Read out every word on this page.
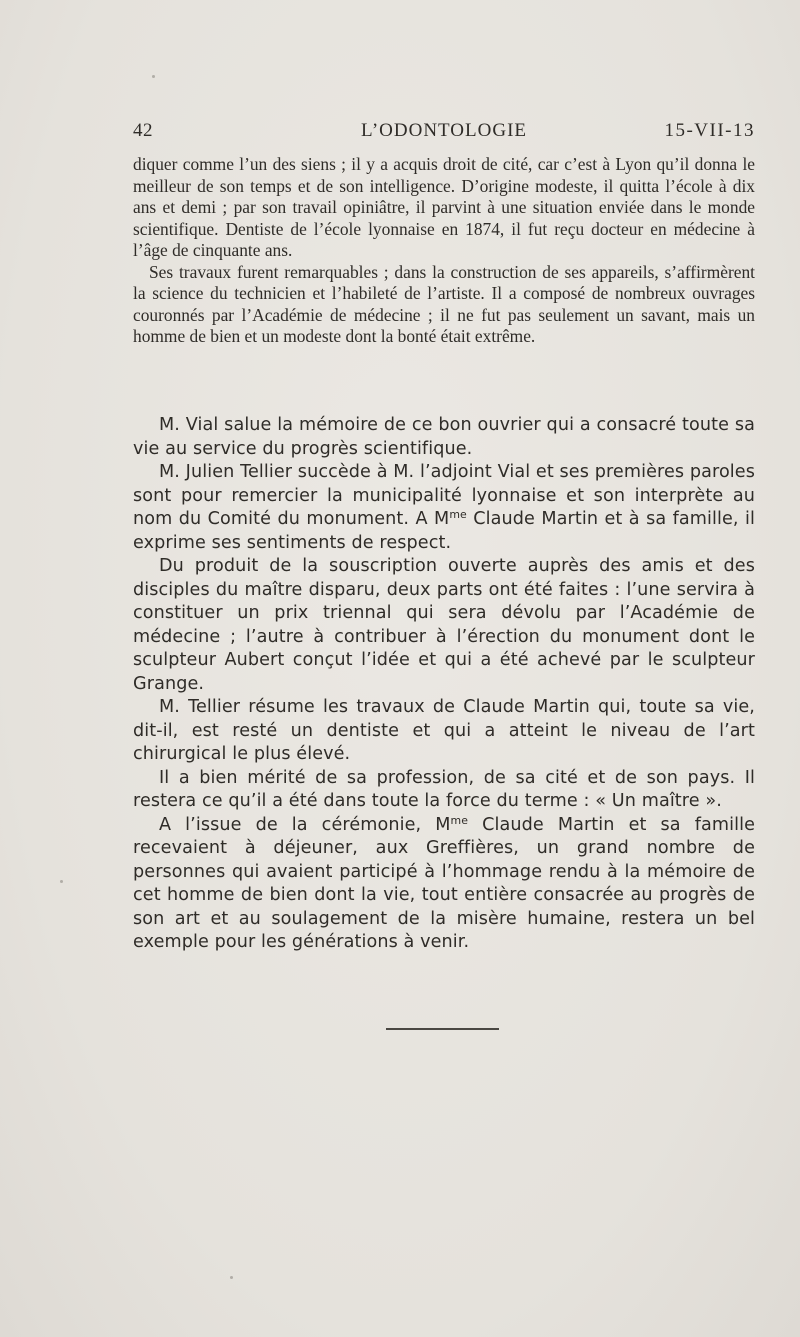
42	L’ODONTOLOGIE	15-VII-13

diquer comme l’un des siens ; il y a acquis droit de cité, car c’est à Lyon qu’il donna le meilleur de son temps et de son intelligence. D’origine modeste, il quitta l’école à dix ans et demi ; par son travail opiniâtre, il parvint à une situation enviée dans le monde scientifique. Dentiste de l’école lyonnaise en 1874, il fut reçu docteur en médecine à l’âge de cinquante ans.

Ses travaux furent remarquables ; dans la construction de ses appareils, s’affirmèrent la science du technicien et l’habileté de l’artiste. Il a composé de nombreux ouvrages couronnés par l’Académie de médecine ; il ne fut pas seulement un savant, mais un homme de bien et un modeste dont la bonté était extrême.

M. Vial salue la mémoire de ce bon ouvrier qui a consacré toute sa vie au service du progrès scientifique.

M. Julien Tellier succède à M. l’adjoint Vial et ses premières paroles sont pour remercier la municipalité lyonnaise et son interprète au nom du Comité du monument. A $M^{me}$ Claude Martin et à sa famille, il exprime ses sentiments de respect.

Du produit de la souscription ouverte auprès des amis et des disciples du maître disparu, deux parts ont été faites : l’une servira à constituer un prix triennal qui sera dévolu par l’Académie de médecine ; l’autre à contribuer à l’érection du monument dont le sculpteur Aubert conçut l’idée et qui a été achevé par le sculpteur Grange.

M. Tellier résume les travaux de Claude Martin qui, toute sa vie, dit-il, est resté un dentiste et qui a atteint le niveau de l’art chirurgical le plus élevé.

Il a bien mérité de sa profession, de sa cité et de son pays. Il restera ce qu’il a été dans toute la force du terme : « Un maître ».

A l’issue de la cérémonie, $M^{me}$ Claude Martin et sa famille recevaient à déjeuner, aux Greffières, un grand nombre de personnes qui avaient participé à l’hommage rendu à la mémoire de cet homme de bien dont la vie, tout entière consacrée au progrès de son art et au soulagement de la misère humaine, restera un bel exemple pour les générations à venir.
